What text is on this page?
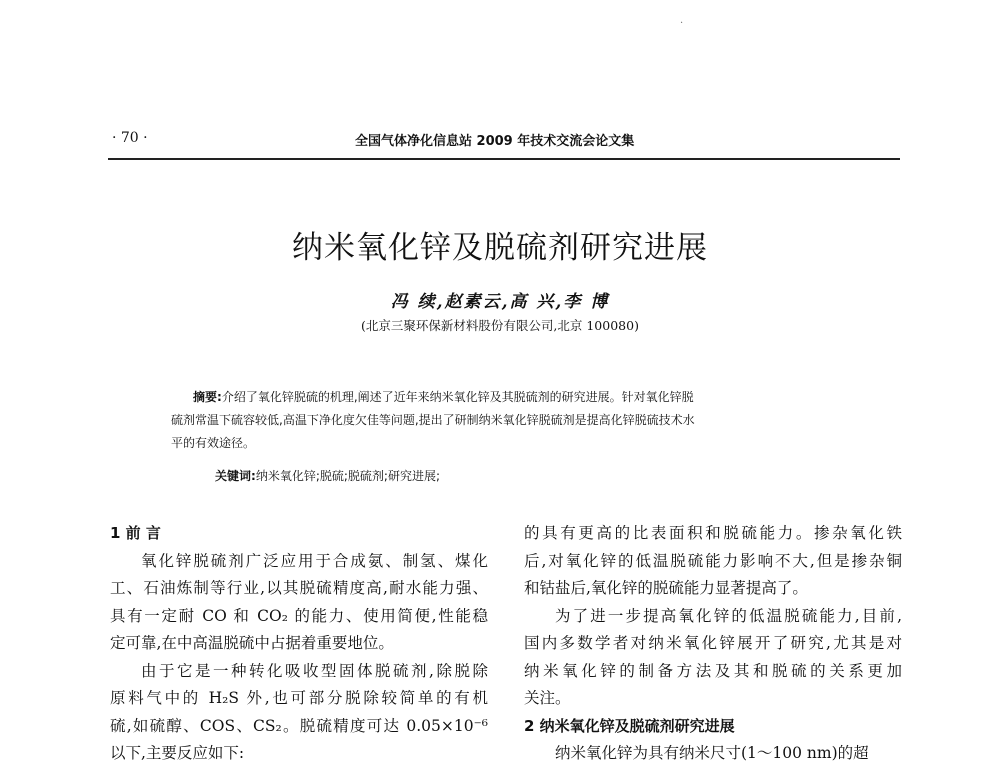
·
· 70 ·	全国气体净化信息站 2009 年技术交流会论文集
纳米氧化锌及脱硫剂研究进展
冯 续,赵素云,高 兴,李 博
(北京三聚环保新材料股份有限公司,北京 100080)

摘要:介绍了氧化锌脱硫的机理,阐述了近年来纳米氧化锌及其脱硫剂的研究进展。针对氧化锌脱

硫剂常温下硫容较低,高温下净化度欠佳等问题,提出了研制纳米氧化锌脱硫剂是提高化锌脱硫技术水

平的有效途径。

关键词:纳米氧化锌;脱硫;脱硫剂;研究进展;
1 前 言
氧化锌脱硫剂广泛应用于合成氨、制氢、煤化
工、石油炼制等行业,以其脱硫精度高,耐水能力强、
具有一定耐 CO 和 CO₂ 的能力、使用简便,性能稳
定可靠,在中高温脱硫中占据着重要地位。
由于它是一种转化吸收型固体脱硫剂,除脱除
原料气中的 H₂S 外,也可部分脱除较简单的有机
硫,如硫醇、COS、CS₂。脱硫精度可达 0.05×10⁻⁶
以下,主要反应如下:
的具有更高的比表面积和脱硫能力。掺杂氧化铁
后,对氧化锌的低温脱硫能力影响不大,但是掺杂铜
和钴盐后,氧化锌的脱硫能力显著提高了。
为了进一步提高氧化锌的低温脱硫能力,目前,
国内多数学者对纳米氧化锌展开了研究,尤其是对
纳米氧化锌的制备方法及其和脱硫的关系更加
关注。
2 纳米氧化锌及脱硫剂研究进展
纳米氧化锌为具有纳米尺寸(1～100 nm)的超
